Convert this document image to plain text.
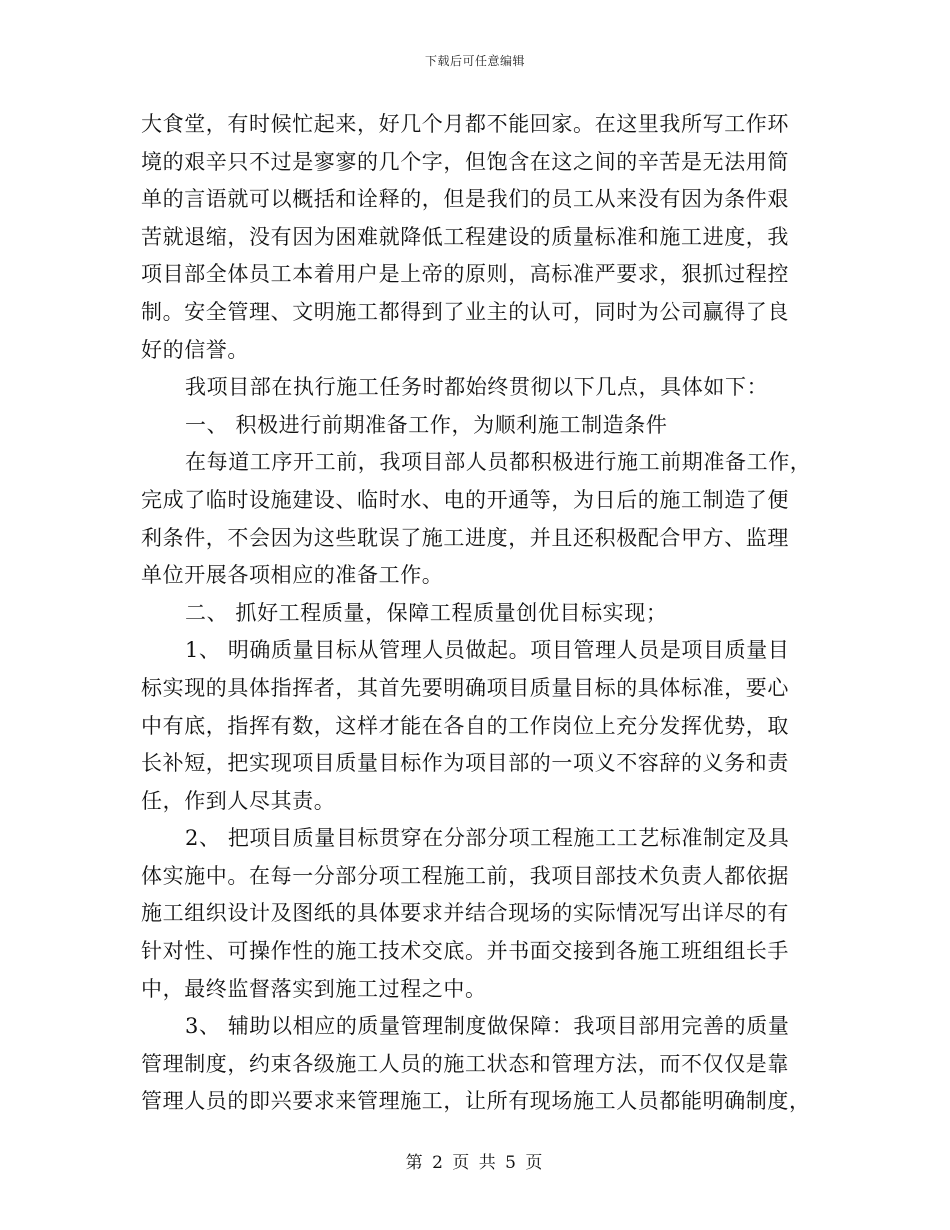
下载后可任意编辑
大食堂，有时候忙起来，好几个月都不能回家。在这里我所写工作环
境的艰辛只不过是寥寥的几个字，但饱含在这之间的辛苦是无法用简
单的言语就可以概括和诠释的，但是我们的员工从来没有因为条件艰
苦就退缩，没有因为困难就降低工程建设的质量标准和施工进度，我
项目部全体员工本着用户是上帝的原则，高标准严要求，狠抓过程控
制。安全管理、文明施工都得到了业主的认可，同时为公司赢得了良
好的信誉。
我项目部在执行施工任务时都始终贯彻以下几点，具体如下：
一、 积极进行前期准备工作，为顺利施工制造条件
在每道工序开工前，我项目部人员都积极进行施工前期准备工作，
完成了临时设施建设、临时水、电的开通等，为日后的施工制造了便
利条件，不会因为这些耽误了施工进度，并且还积极配合甲方、监理
单位开展各项相应的准备工作。
二、 抓好工程质量，保障工程质量创优目标实现；
1、 明确质量目标从管理人员做起。项目管理人员是项目质量目
标实现的具体指挥者，其首先要明确项目质量目标的具体标准，要心
中有底，指挥有数，这样才能在各自的工作岗位上充分发挥优势，取
长补短，把实现项目质量目标作为项目部的一项义不容辞的义务和责
任，作到人尽其责。
2、 把项目质量目标贯穿在分部分项工程施工工艺标准制定及具
体实施中。在每一分部分项工程施工前，我项目部技术负责人都依据
施工组织设计及图纸的具体要求并结合现场的实际情况写出详尽的有
针对性、可操作性的施工技术交底。并书面交接到各施工班组组长手
中，最终监督落实到施工过程之中。
3、 辅助以相应的质量管理制度做保障：我项目部用完善的质量
管理制度，约束各级施工人员的施工状态和管理方法，而不仅仅是靠
管理人员的即兴要求来管理施工，让所有现场施工人员都能明确制度，
第 2 页 共 5 页
